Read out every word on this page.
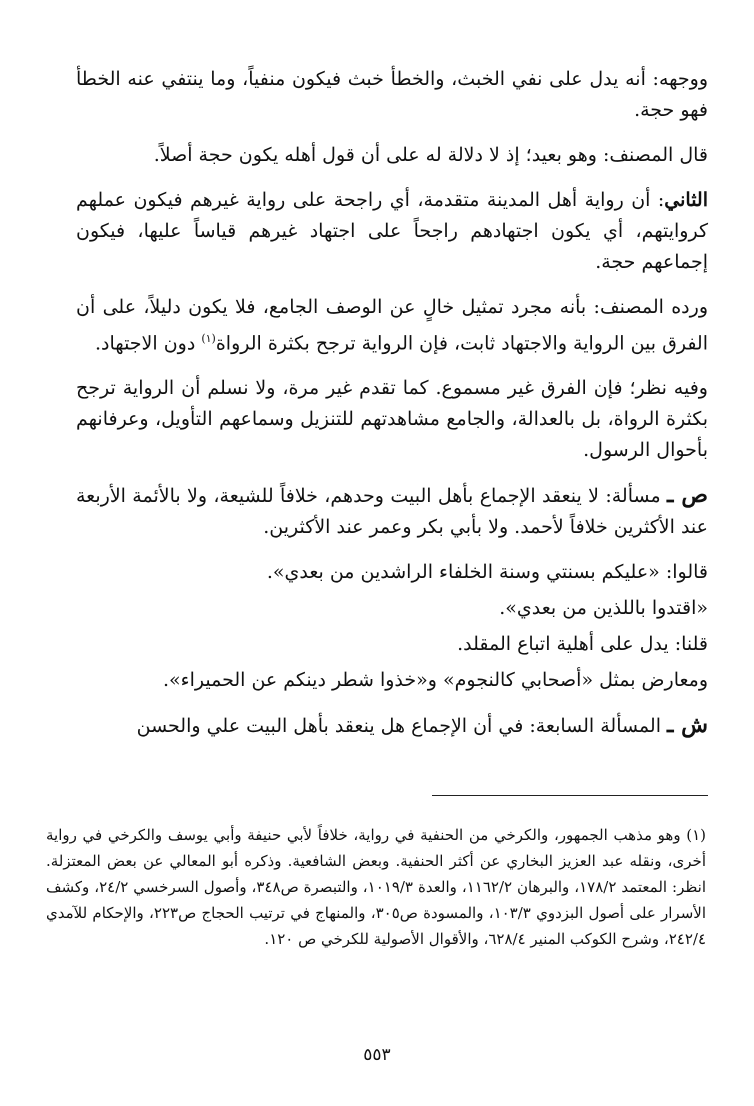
ووجهه: أنه يدل على نفي الخبث، والخطأ خبث فيكون منفياً، وما ينتفي عنه الخطأ فهو حجة.

قال المصنف: وهو بعيد؛ إذ لا دلالة له على أن قول أهله يكون حجة أصلاً.

الثاني: أن رواية أهل المدينة متقدمة، أي راجحة على رواية غيرهم فيكون عملهم كروايتهم، أي يكون اجتهادهم راجحاً على اجتهاد غيرهم قياساً عليها، فيكون إجماعهم حجة.

ورده المصنف: بأنه مجرد تمثيل خالٍ عن الوصف الجامع، فلا يكون دليلاً، على أن الفرق بين الرواية والاجتهاد ثابت، فإن الرواية ترجح بكثرة الرواة$^{(١)}$ دون الاجتهاد.

وفيه نظر؛ فإن الفرق غير مسموع. كما تقدم غير مرة، ولا نسلم أن الرواية ترجح بكثرة الرواة، بل بالعدالة، والجامع مشاهدتهم للتنزيل وسماعهم التأويل، وعرفانهم بأحوال الرسول.

ص ـ مسألة: لا ينعقد الإجماع بأهل البيت وحدهم، خلافاً للشيعة، ولا بالأئمة الأربعة عند الأكثرين خلافاً لأحمد. ولا بأبي بكر وعمر عند الأكثرين.

قالوا: «عليكم بسنتي وسنة الخلفاء الراشدين من بعدي».

«اقتدوا باللذين من بعدي».

قلنا: يدل على أهلية اتباع المقلد.

ومعارض بمثل «أصحابي كالنجوم» و«خذوا شطر دينكم عن الحميراء».

ش ـ المسألة السابعة: في أن الإجماع هل ينعقد بأهل البيت علي والحسن

(١) وهو مذهب الجمهور، والكرخي من الحنفية في رواية، خلافاً لأبي حنيفة وأبي يوسف والكرخي في رواية أخرى، ونقله عبد العزيز البخاري عن أكثر الحنفية. وبعض الشافعية. وذكره أبو المعالي عن بعض المعتزلة. انظر: المعتمد ١٧٨/٢، والبرهان ١١٦٢/٢، والعدة ١٠١٩/٣، والتبصرة ص٣٤٨، وأصول السرخسي ٢٤/٢، وكشف الأسرار على أصول البزدوي ١٠٣/٣، والمسودة ص٣٠٥، والمنهاج في ترتيب الحجاج ص٢٢٣، والإحكام للآمدي ٢٤٢/٤، وشرح الكوكب المنير ٦٢٨/٤، والأقوال الأصولية للكرخي ص ١٢٠.
٥٥٣
